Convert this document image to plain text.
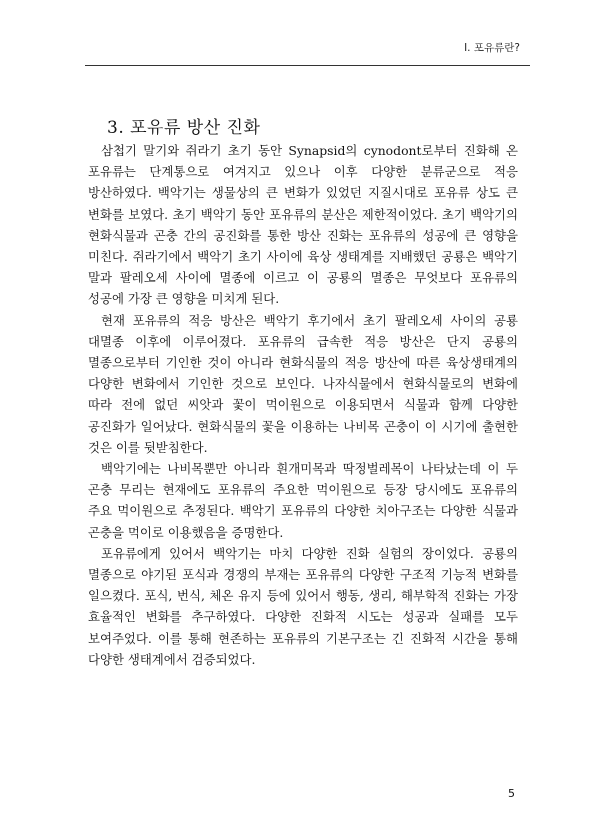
I. 포유류란?
3. 포유류 방산 진화

삼첩기 말기와 쥐라기 초기 동안 Synapsid의 cynodont로부터 진화해 온 포유류는 단계통으로 여겨지고 있으나 이후 다양한 분류군으로 적응 방산하였다. 백악기는 생물상의 큰 변화가 있었던 지질시대로 포유류 상도 큰 변화를 보였다. 초기 백악기 동안 포유류의 분산은 제한적이었다. 초기 백악기의 현화식물과 곤충 간의 공진화를 통한 방산 진화는 포유류의 성공에 큰 영향을 미친다. 쥐라기에서 백악기 초기 사이에 육상 생태계를 지배했던 공룡은 백악기 말과 팔레오세 사이에 멸종에 이르고 이 공룡의 멸종은 무엇보다 포유류의 성공에 가장 큰 영향을 미치게 된다.

현재 포유류의 적응 방산은 백악기 후기에서 초기 팔레오세 사이의 공룡 대멸종 이후에 이루어졌다. 포유류의 급속한 적응 방산은 단지 공룡의 멸종으로부터 기인한 것이 아니라 현화식물의 적응 방산에 따른 육상생태계의 다양한 변화에서 기인한 것으로 보인다. 나자식물에서 현화식물로의 변화에 따라 전에 없던 씨앗과 꽃이 먹이원으로 이용되면서 식물과 함께 다양한 공진화가 일어났다. 현화식물의 꽃을 이용하는 나비목 곤충이 이 시기에 출현한 것은 이를 뒷받침한다.

백악기에는 나비목뿐만 아니라 흰개미목과 딱정벌레목이 나타났는데 이 두 곤충 무리는 현재에도 포유류의 주요한 먹이원으로 등장 당시에도 포유류의 주요 먹이원으로 추정된다. 백악기 포유류의 다양한 치아구조는 다양한 식물과 곤충을 먹이로 이용했음을 증명한다.

포유류에게 있어서 백악기는 마치 다양한 진화 실험의 장이었다. 공룡의 멸종으로 야기된 포식과 경쟁의 부재는 포유류의 다양한 구조적 기능적 변화를 일으켰다. 포식, 번식, 체온 유지 등에 있어서 행동, 생리, 해부학적 진화는 가장 효율적인 변화를 추구하였다. 다양한 진화적 시도는 성공과 실패를 모두 보여주었다. 이를 통해 현존하는 포유류의 기본구조는 긴 진화적 시간을 통해 다양한 생태계에서 검증되었다.

5
